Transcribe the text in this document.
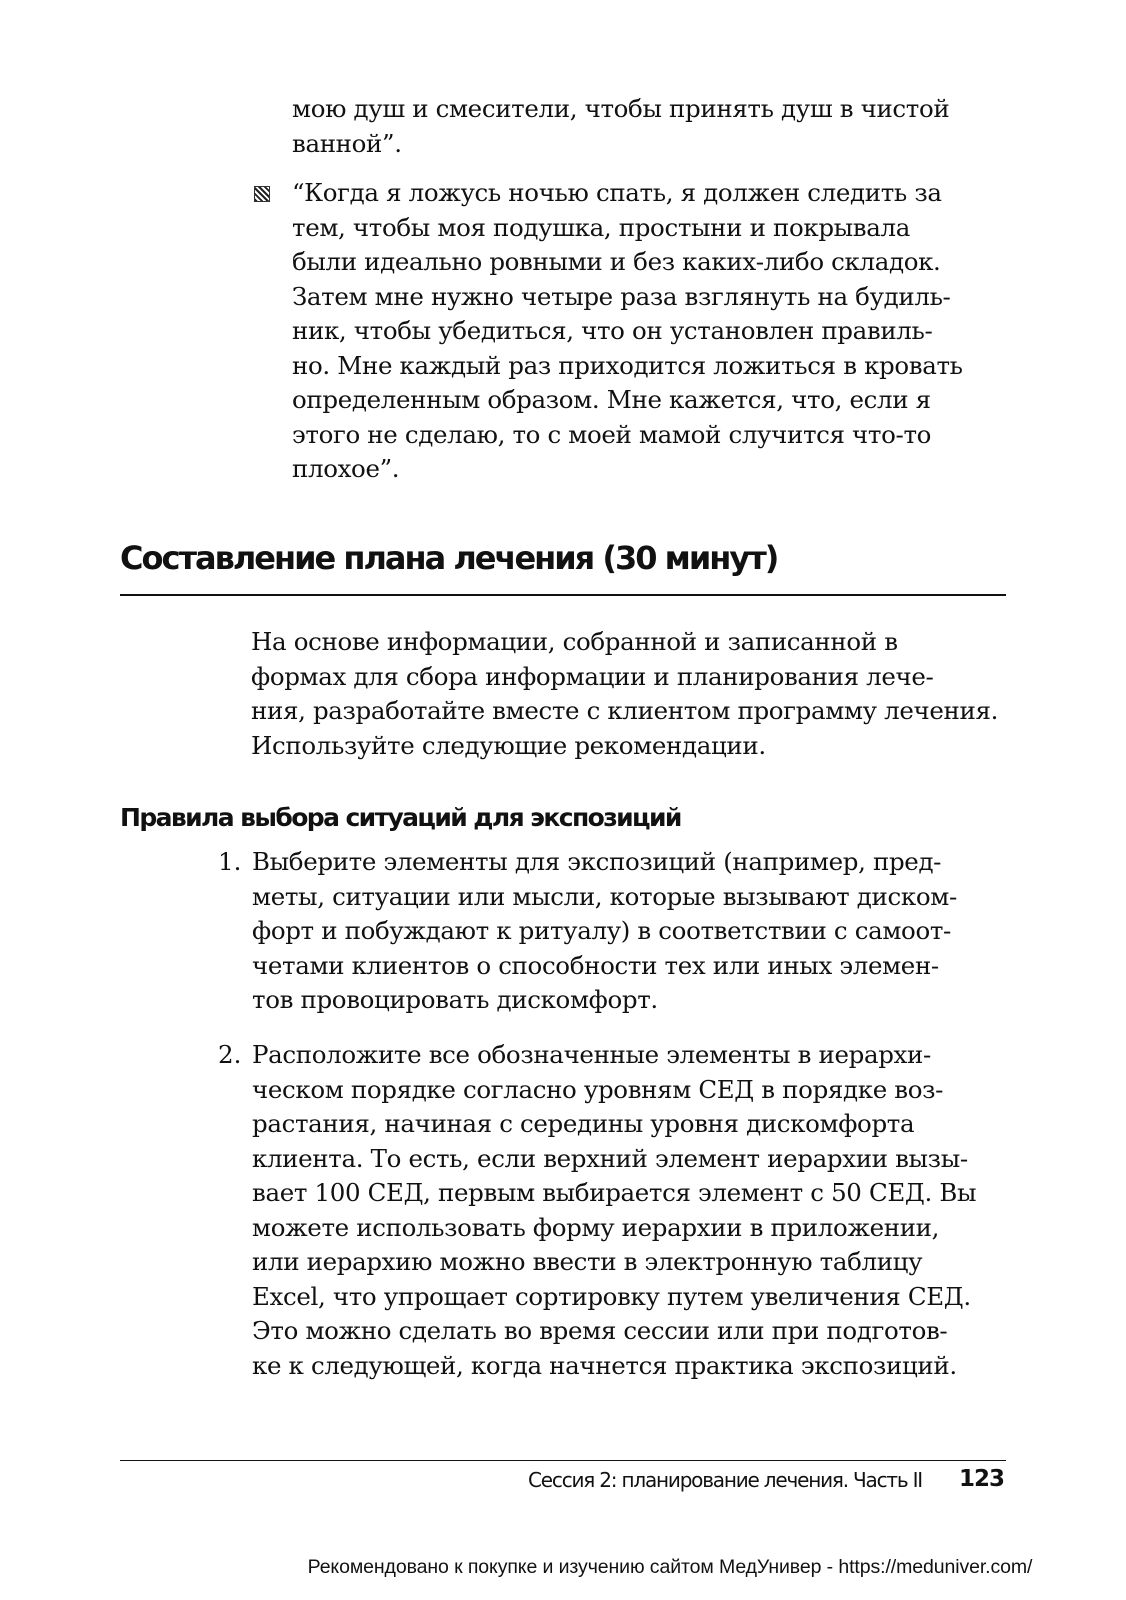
мою душ и смесители, чтобы принять душ в чистой
ванной”.

“Когда я ложусь ночью спать, я должен следить за
тем, чтобы моя подушка, простыни и покрывала
были идеально ровными и без каких-либо складок.
Затем мне нужно четыре раза взглянуть на будиль-
ник, чтобы убедиться, что он установлен правиль-
но. Мне каждый раз приходится ложиться в кровать
определенным образом. Мне кажется, что, если я
этого не сделаю, то с моей мамой случится что-то
плохое”.

Составление плана лечения (30 минут)

На основе информации, собранной и записанной в
формах для сбора информации и планирования лече-
ния, разработайте вместе с клиентом программу лечения.
Используйте следующие рекомендации.

Правила выбора ситуаций для экспозиций
1. Выберите элементы для экспозиций (например, пред-
меты, ситуации или мысли, которые вызывают диском-
форт и побуждают к ритуалу) в соответствии с самоот-
четами клиентов о способности тех или иных элемен-
тов провоцировать дискомфорт.

2. Расположите все обозначенные элементы в иерархи-
ческом порядке согласно уровням СЕД в порядке воз-
растания, начиная с середины уровня дискомфорта
клиента. То есть, если верхний элемент иерархии вызы-
вает 100 СЕД, первым выбирается элемент с 50 СЕД. Вы
можете использовать форму иерархии в приложении,
или иерархию можно ввести в электронную таблицу
Excel, что упрощает сортировку путем увеличения СЕД.
Это можно сделать во время сессии или при подготов-
ке к следующей, когда начнется практика экспозиций.

Сессия 2: планирование лечения. Часть II 123

Рекомендовано к покупке и изучению сайтом МедУнивер - https://meduniver.com/
